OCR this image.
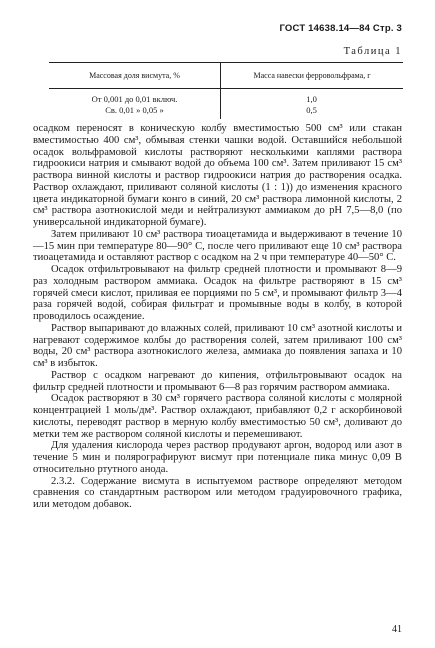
ГОСТ 14638.14—84 Стр. 3
Таблица 1
Массовая доля висмута, %	Масса навески ферровольфрама, г
От 0,001 до 0,01 включ.	1,0
Св. 0,01 » 0,05 »	0,5

осадком переносят в коническую колбу вместимостью 500 см³ или стакан вместимостью 400 см³, обмывая стенки чашки водой. Оставшийся небольшой осадок вольфрамовой кислоты растворяют несколькими каплями раствора гидроокиси натрия и смывают водой до объема 100 см³. Затем приливают 15 см³ раствора винной кислоты и раствор гидроокиси натрия до растворения осадка. Раствор охлаждают, приливают соляной кислоты (1 : 1)) до изменения красного цвета индикаторной бумаги конго в синий, 20 см³ раствора лимонной кислоты, 2 см³ раствора азотнокислой меди и нейтрализуют аммиаком до pH 7,5—8,0 (по универсальной индикаторной бумаге).

Затем приливают 10 см³ раствора тиоацетамида и выдерживают в течение 10—15 мин при температуре 80—90° С, после чего приливают еще 10 см³ раствора тиоацетамида и оставляют раствор с осадком на 2 ч при температуре 40—50° С.

Осадок отфильтровывают на фильтр средней плотности и промывают 8—9 раз холодным раствором аммиака. Осадок на фильтре растворяют в 15 см³ горячей смеси кислот, приливая ее порциями по 5 см³, и промывают фильтр 3—4 раза горячей водой, собирая фильтрат и промывные воды в колбу, в которой проводилось осаждение.

Раствор выпаривают до влажных солей, приливают 10 см³ азотной кислоты и нагревают содержимое колбы до растворения солей, затем приливают 100 см³ воды, 20 см³ раствора азотнокислого железа, аммиака до появления запаха и 10 см³ в избыток.

Раствор с осадком нагревают до кипения, отфильтровывают осадок на фильтр средней плотности и промывают 6—8 раз горячим раствором аммиака.

Осадок растворяют в 30 см³ горячего раствора соляной кислоты с молярной концентрацией 1 моль/дм³. Раствор охлаждают, прибавляют 0,2 г аскорбиновой кислоты, переводят раствор в мерную колбу вместимостью 50 см³, доливают до метки тем же раствором соляной кислоты и перемешивают.

Для удаления кислорода через раствор продувают аргон, водород или азот в течение 5 мин и полярографируют висмут при потенциале пика минус 0,09 В относительно ртутного анода.

2.3.2. Содержание висмута в испытуемом растворе определяют методом сравнения со стандартным раствором или методом градуировочного графика, или методом добавок.

41
